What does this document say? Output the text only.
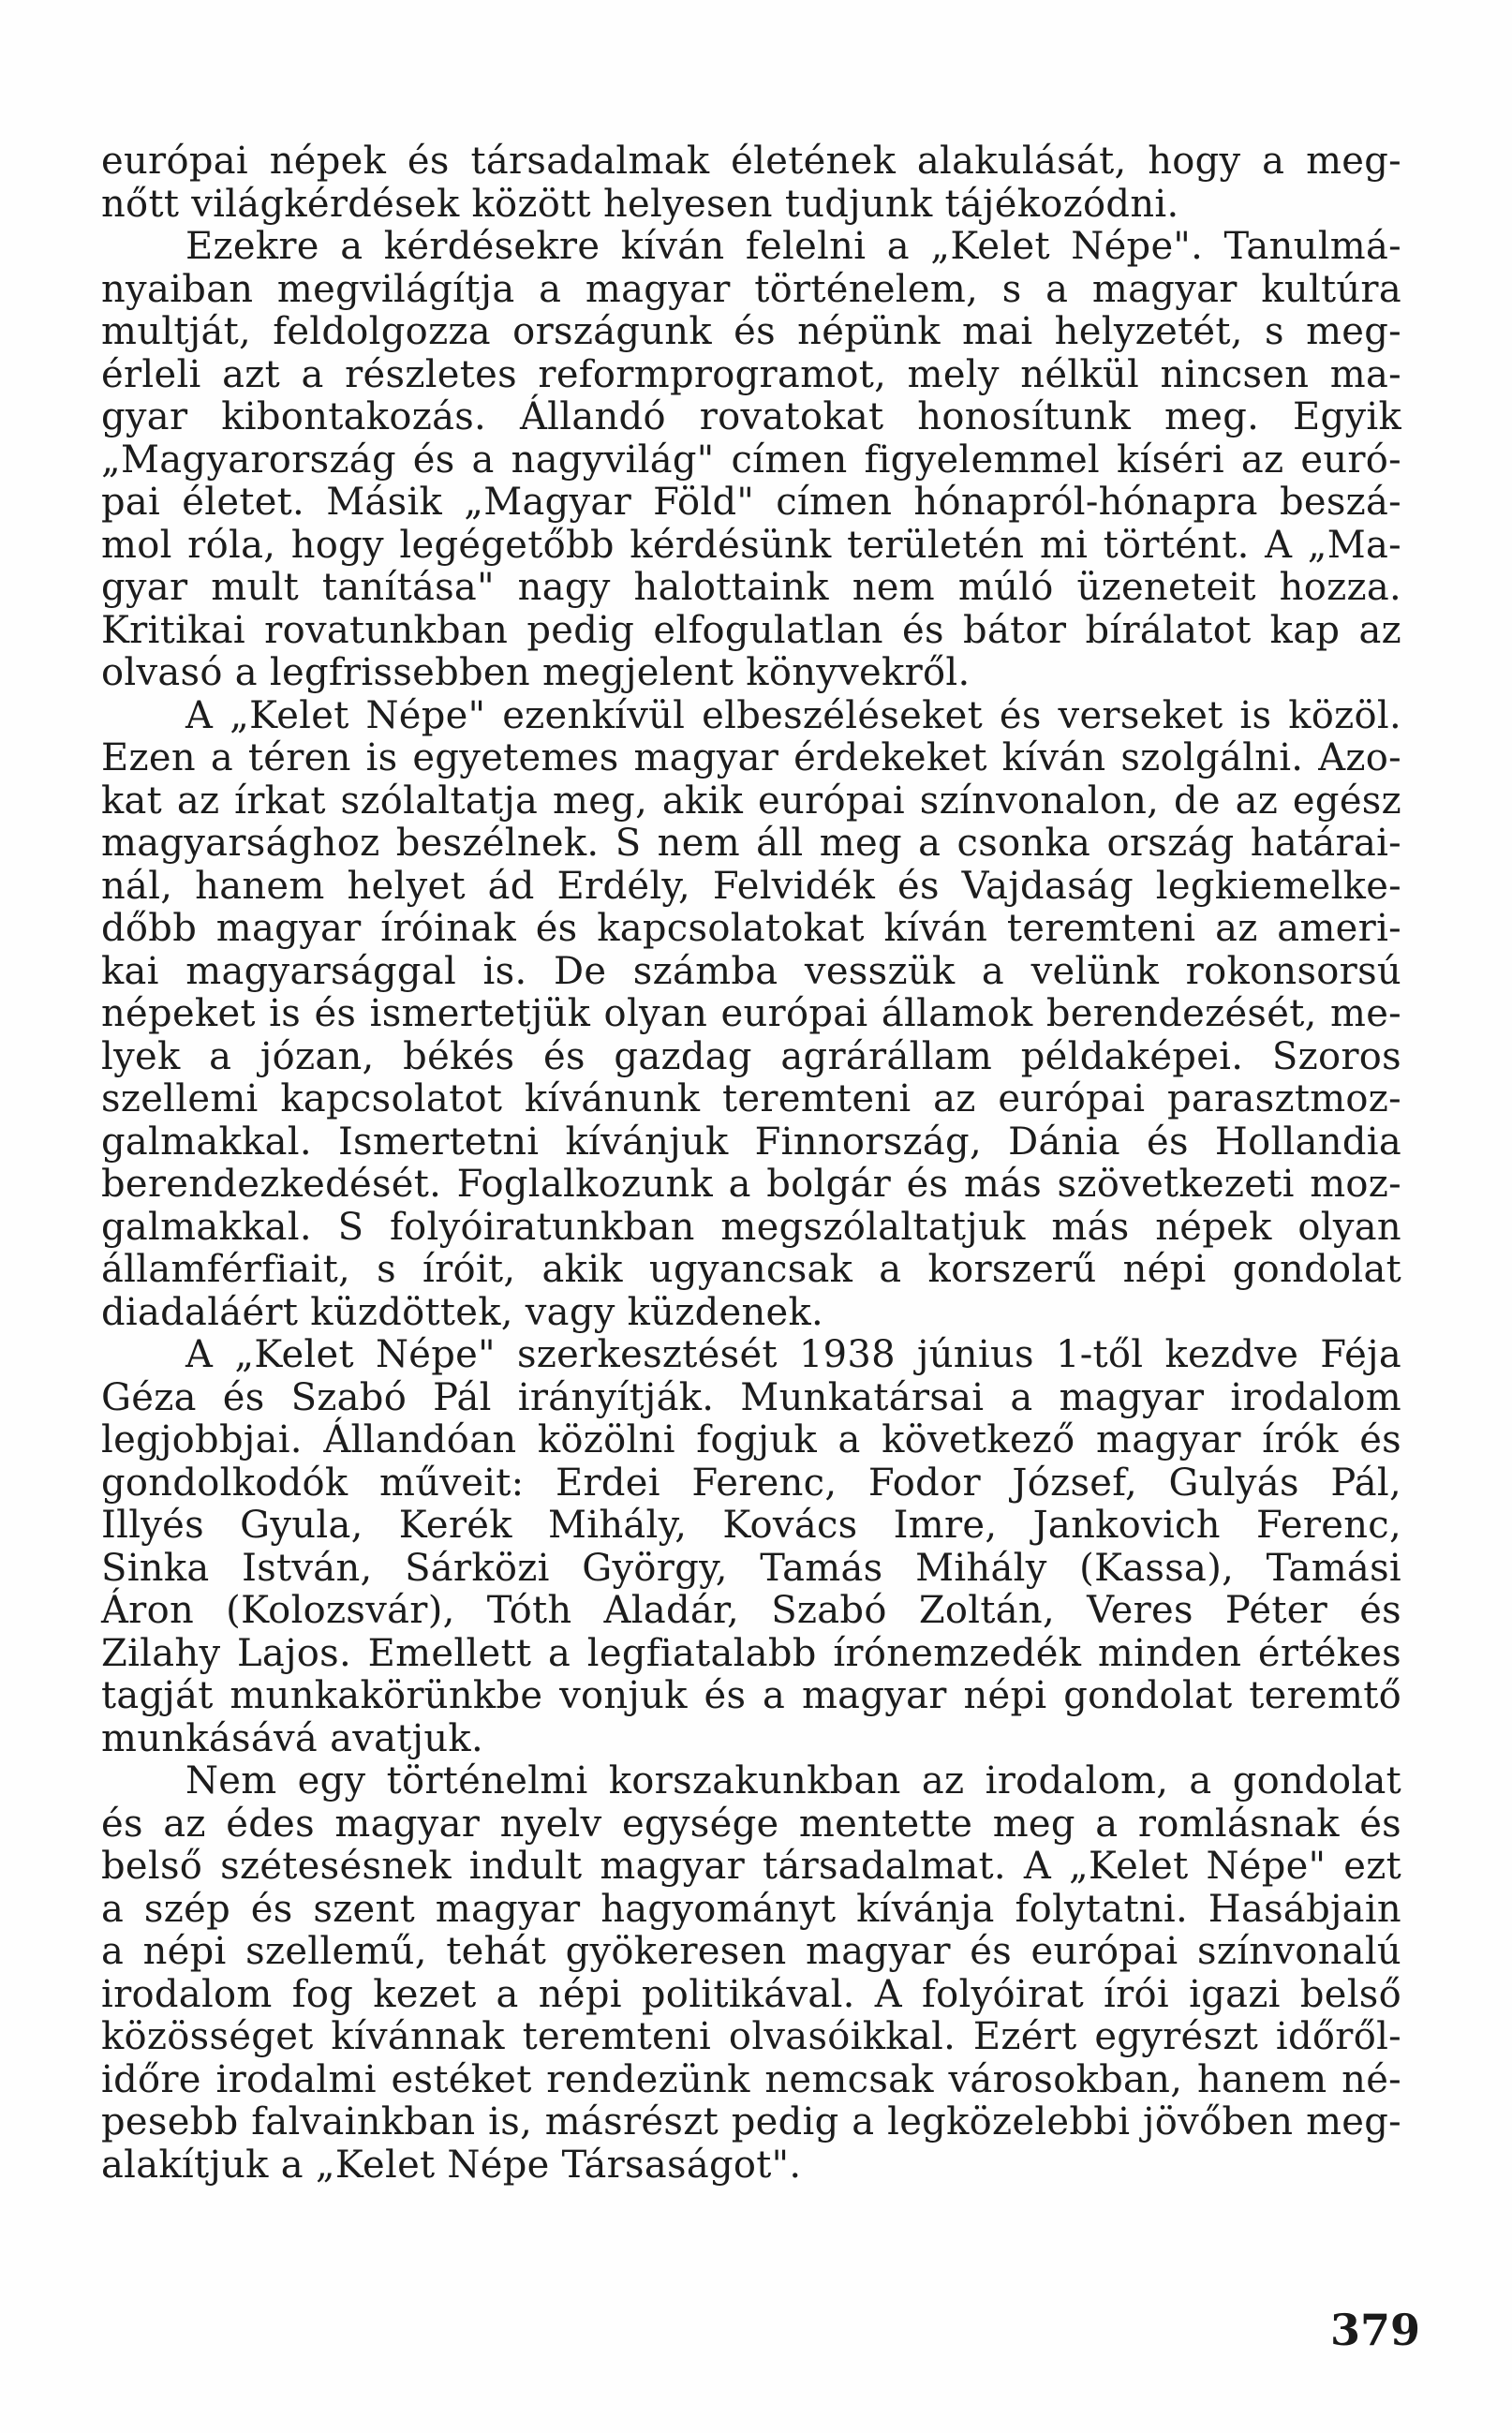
európai népek és társadalmak életének alakulását, hogy a meg-
nőtt világkérdések között helyesen tudjunk tájékozódni.
Ezekre a kérdésekre kíván felelni a „Kelet Népe". Tanulmá-
nyaiban megvilágítja a magyar történelem, s a magyar kultúra
multját, feldolgozza országunk és népünk mai helyzetét, s meg-
érleli azt a részletes reformprogramot, mely nélkül nincsen ma-
gyar kibontakozás. Állandó rovatokat honosítunk meg. Egyik
„Magyarország és a nagyvilág" címen figyelemmel kíséri az euró-
pai életet. Másik „Magyar Föld" címen hónapról-hónapra beszá-
mol róla, hogy legégetőbb kérdésünk területén mi történt. A „Ma-
gyar mult tanítása" nagy halottaink nem múló üzeneteit hozza.
Kritikai rovatunkban pedig elfogulatlan és bátor bírálatot kap az
olvasó a legfrissebben megjelent könyvekről.
A „Kelet Népe" ezenkívül elbeszéléseket és verseket is közöl.
Ezen a téren is egyetemes magyar érdekeket kíván szolgálni. Azo-
kat az írkat szólaltatja meg, akik európai színvonalon, de az egész
magyarsághoz beszélnek. S nem áll meg a csonka ország határai-
nál, hanem helyet ád Erdély, Felvidék és Vajdaság legkiemelke-
dőbb magyar íróinak és kapcsolatokat kíván teremteni az ameri-
kai magyarsággal is. De számba vesszük a velünk rokonsorsú
népeket is és ismertetjük olyan európai államok berendezését, me-
lyek a józan, békés és gazdag agrárállam példaképei. Szoros
szellemi kapcsolatot kívánunk teremteni az európai parasztmoz-
galmakkal. Ismertetni kívánjuk Finnország, Dánia és Hollandia
berendezkedését. Foglalkozunk a bolgár és más szövetkezeti moz-
galmakkal. S folyóiratunkban megszólaltatjuk más népek olyan
államférfiait, s íróit, akik ugyancsak a korszerű népi gondolat
diadaláért küzdöttek, vagy küzdenek.
A „Kelet Népe" szerkesztését 1938 június 1-től kezdve Féja
Géza és Szabó Pál irányítják. Munkatársai a magyar irodalom
legjobbjai. Állandóan közölni fogjuk a következő magyar írók és
gondolkodók műveit: Erdei Ferenc, Fodor József, Gulyás Pál,
Illyés Gyula, Kerék Mihály, Kovács Imre, Jankovich Ferenc,
Sinka István, Sárközi György, Tamás Mihály (Kassa), Tamási
Áron (Kolozsvár), Tóth Aladár, Szabó Zoltán, Veres Péter és
Zilahy Lajos. Emellett a legfiatalabb írónemzedék minden értékes
tagját munkakörünkbe vonjuk és a magyar népi gondolat teremtő
munkásává avatjuk.
Nem egy történelmi korszakunkban az irodalom, a gondolat
és az édes magyar nyelv egysége mentette meg a romlásnak és
belső szétesésnek indult magyar társadalmat. A „Kelet Népe" ezt
a szép és szent magyar hagyományt kívánja folytatni. Hasábjain
a népi szellemű, tehát gyökeresen magyar és európai színvonalú
irodalom fog kezet a népi politikával. A folyóirat írói igazi belső
közösséget kívánnak teremteni olvasóikkal. Ezért egyrészt időről-
időre irodalmi estéket rendezünk nemcsak városokban, hanem né-
pesebb falvainkban is, másrészt pedig a legközelebbi jövőben meg-
alakítjuk a „Kelet Népe Társaságot".
379
